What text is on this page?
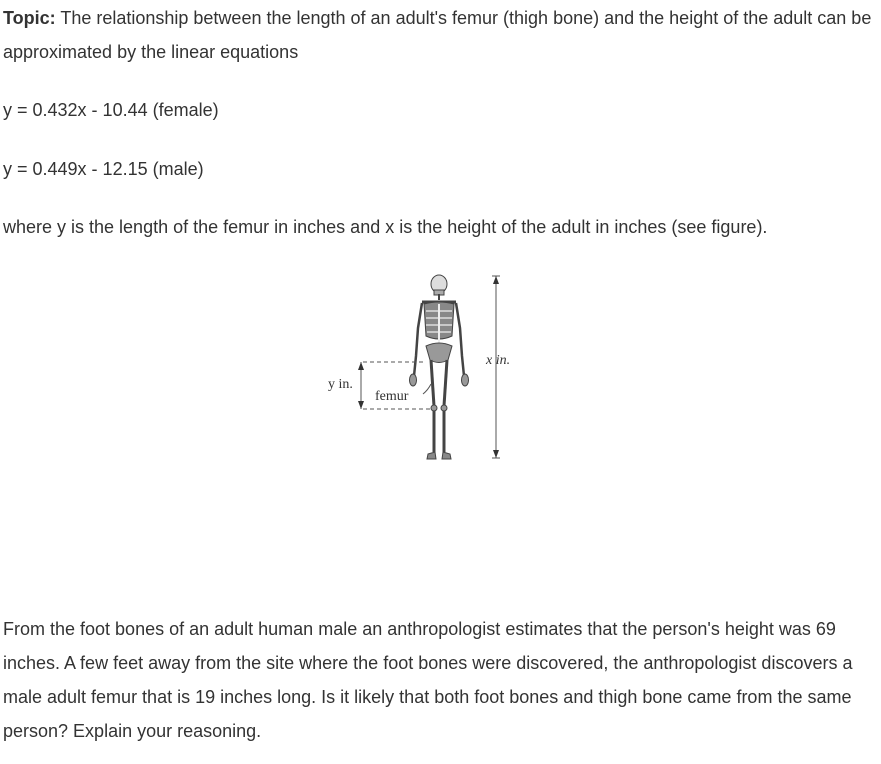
Topic: The relationship between the length of an adult's femur (thigh bone) and the height of the adult can be approximated by the linear equations

y = 0.432x - 10.44 (female)

y = 0.449x - 12.15 (male)

where y is the length of the femur in inches and x is the height of the adult in inches (see figure).

y in.
femur
x in.

From the foot bones of an adult human male an anthropologist estimates that the person's height was 69 inches. A few feet away from the site where the foot bones were discovered, the anthropologist discovers a male adult femur that is 19 inches long. Is it likely that both foot bones and thigh bone came from the same person? Explain your reasoning.
